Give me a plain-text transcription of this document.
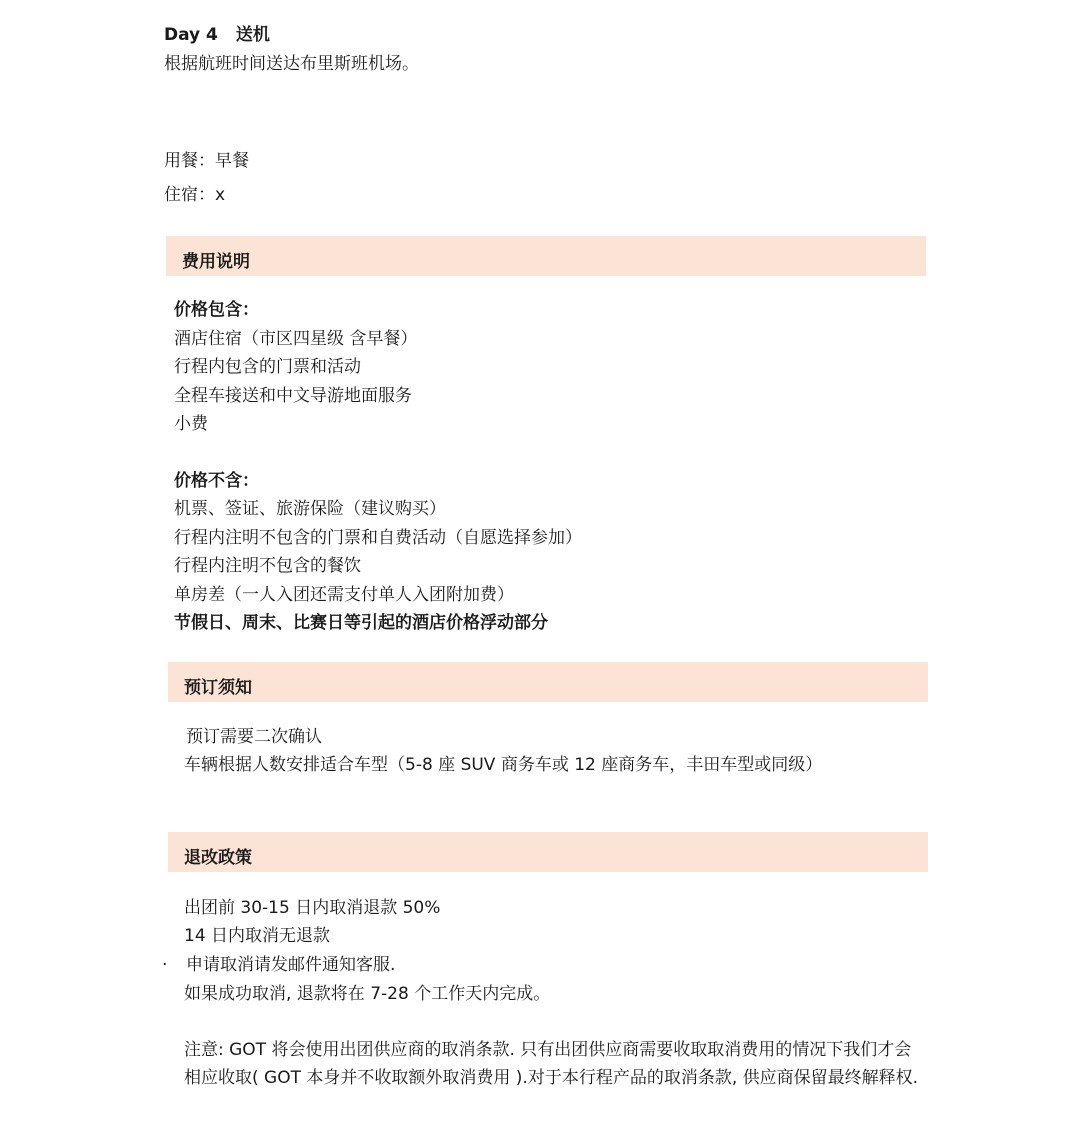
Day 4 送机
根据航班时间送达布里斯班机场。
用餐：早餐
住宿：x
费用说明
价格包含：
酒店住宿（市区四星级 含早餐）
行程内包含的门票和活动
全程车接送和中文导游地面服务
小费
价格不含：
机票、签证、旅游保险（建议购买）
行程内注明不包含的门票和自费活动（自愿选择参加）
行程内注明不包含的餐饮
单房差（一人入团还需支付单人入团附加费）
节假日、周末、比赛日等引起的酒店价格浮动部分
预订须知
预订需要二次确认
车辆根据人数安排适合车型（5-8 座 SUV 商务车或 12 座商务车，丰田车型或同级）
退改政策
出团前 30-15 日内取消退款 50%
14 日内取消无退款
· 申请取消请发邮件通知客服.
如果成功取消, 退款将在 7-28 个工作天内完成。
注意: GOT 将会使用出团供应商的取消条款. 只有出团供应商需要收取取消费用的情况下我们才会相应收取( GOT 本身并不收取额外取消费用 ).对于本行程产品的取消条款, 供应商保留最终解释权.
